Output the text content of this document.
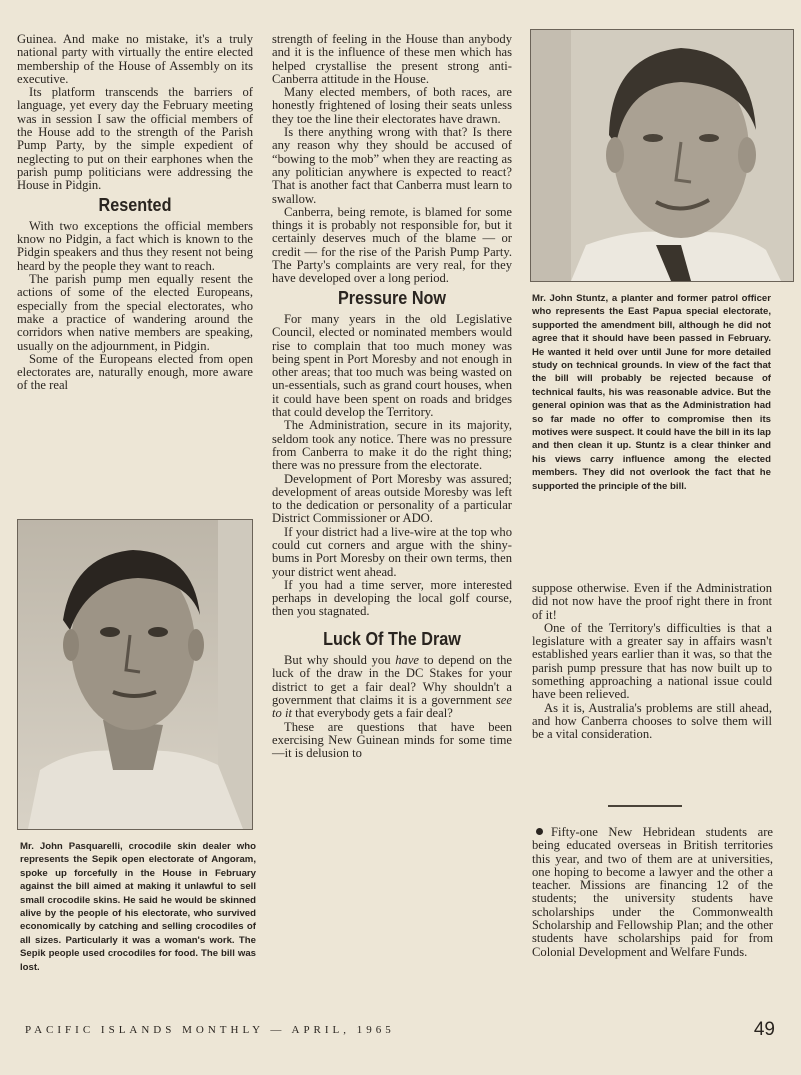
Guinea. And make no mistake, it's a truly national party with virtually the entire elected membership of the House of Assembly on its executive.

Its platform transcends the barriers of language, yet every day the February meeting was in session I saw the official members of the House add to the strength of the Parish Pump Party, by the simple expedient of neglecting to put on their earphones when the parish pump politicians were addressing the House in Pidgin.

Resented

With two exceptions the official members know no Pidgin, a fact which is known to the Pidgin speakers and thus they resent not being heard by the people they want to reach.

The parish pump men equally resent the actions of some of the elected Europeans, especially from the special electorates, who make a practice of wandering around the corridors when native members are speaking, usually on the adjournment, in Pidgin.

Some of the Europeans elected from open electorates are, naturally enough, more aware of the real

Mr. John Pasquarelli, crocodile skin dealer who represents the Sepik open electorate of Angoram, spoke up forcefully in the House in February against the bill aimed at making it unlawful to sell small crocodile skins. He said he would be skinned alive by the people of his electorate, who survived economically by catching and selling crocodiles of all sizes. Particularly it was a woman's work. The Sepik people used crocodiles for food. The bill was lost.

strength of feeling in the House than anybody and it is the influence of these men which has helped crystallise the present strong anti-Canberra attitude in the House.

Many elected members, of both races, are honestly frightened of losing their seats unless they toe the line their electorates have drawn.

Is there anything wrong with that? Is there any reason why they should be accused of “bowing to the mob” when they are reacting as any politician anywhere is expected to react? That is another fact that Canberra must learn to swallow.

Canberra, being remote, is blamed for some things it is probably not responsible for, but it certainly deserves much of the blame — or credit — for the rise of the Parish Pump Party. The Party's complaints are very real, for they have developed over a long period.

Pressure Now

For many years in the old Legislative Council, elected or nominated members would rise to complain that too much money was being spent in Port Moresby and not enough in other areas; that too much was being wasted on un-essentials, such as grand court houses, when it could have been spent on roads and bridges that could develop the Territory.

The Administration, secure in its majority, seldom took any notice. There was no pressure from Canberra to make it do the right thing; there was no pressure from the electorate.

Development of Port Moresby was assured; development of areas outside Moresby was left to the dedication or personality of a particular District Commissioner or ADO.

If your district had a live-wire at the top who could cut corners and argue with the shiny-bums in Port Moresby on their own terms, then your district went ahead.

If you had a time server, more interested perhaps in developing the local golf course, then you stagnated.

Luck Of The Draw

But why should you have to depend on the luck of the draw in the DC Stakes for your district to get a fair deal? Why shouldn't a government that claims it is a government see to it that everybody gets a fair deal?

These are questions that have been exercising New Guinean minds for some time—it is delusion to

Mr. John Stuntz, a planter and former patrol officer who represents the East Papua special electorate, supported the amendment bill, although he did not agree that it should have been passed in February. He wanted it held over until June for more detailed study on technical grounds. In view of the fact that the bill will probably be rejected because of technical faults, his was reasonable advice. But the general opinion was that as the Administration had so far made no offer to compromise then its motives were suspect. It could have the bill in its lap and then clean it up. Stuntz is a clear thinker and his views carry influence among the elected members. They did not overlook the fact that he supported the principle of the bill.

suppose otherwise. Even if the Administration did not now have the proof right there in front of it!

One of the Territory's difficulties is that a legislature with a greater say in affairs wasn't established years earlier than it was, so that the parish pump pressure that has now built up to something approaching a national issue could have been relieved.

As it is, Australia's problems are still ahead, and how Canberra chooses to solve them will be a vital consideration.

Fifty-one New Hebridean students are being educated overseas in British territories this year, and two of them are at universities, one hoping to become a lawyer and the other a teacher. Missions are financing 12 of the students; the university students have scholarships under the Commonwealth Scholarship and Fellowship Plan; and the other students have scholarships paid for from Colonial Development and Welfare Funds.

PACIFIC ISLANDS MONTHLY — APRIL, 1965	49
